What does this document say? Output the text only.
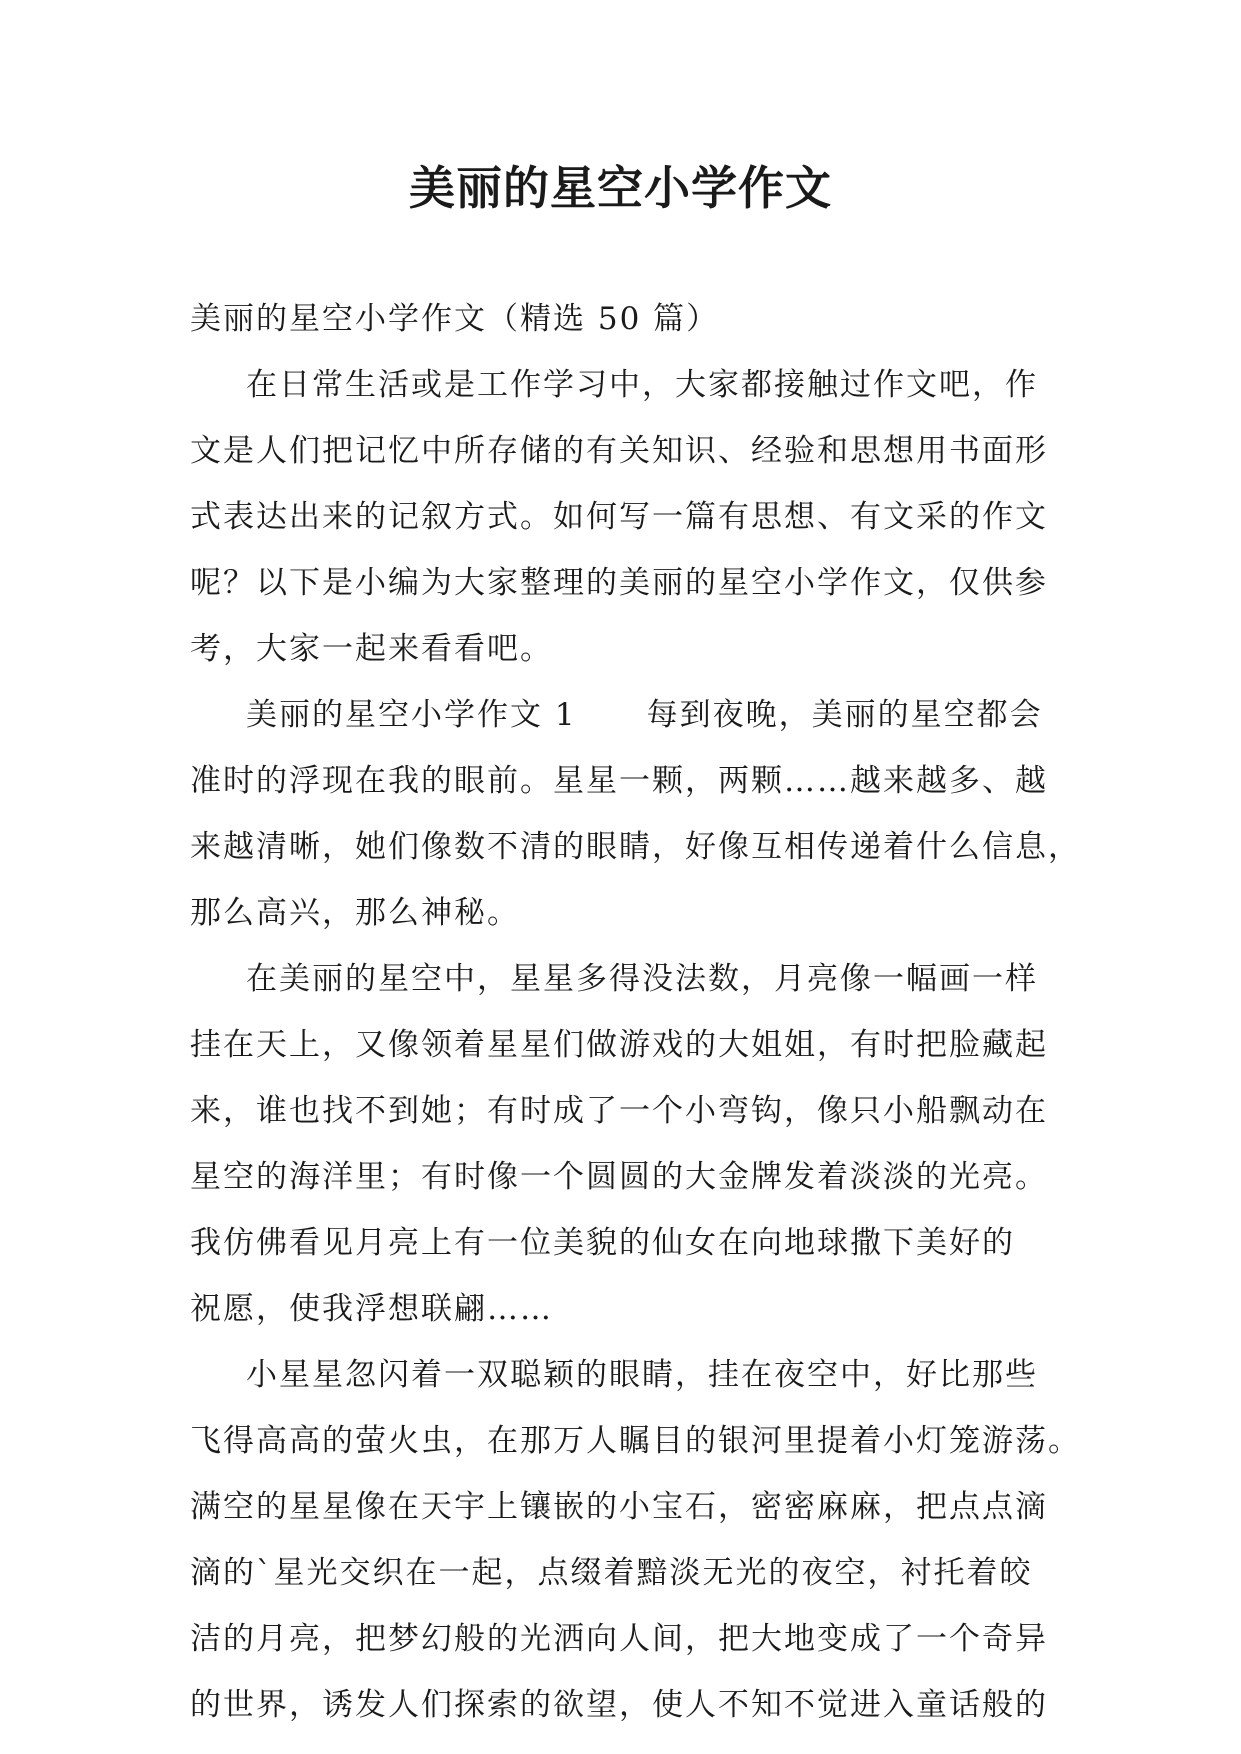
美丽的星空小学作文
美丽的星空小学作文（精选 50 篇）
在日常生活或是工作学习中，大家都接触过作文吧，作
文是人们把记忆中所存储的有关知识、经验和思想用书面形
式表达出来的记叙方式。如何写一篇有思想、有文采的作文
呢？以下是小编为大家整理的美丽的星空小学作文，仅供参
考，大家一起来看看吧。
美丽的星空小学作文 1 每到夜晚，美丽的星空都会
准时的浮现在我的眼前。星星一颗，两颗……越来越多、越
来越清晰，她们像数不清的眼睛，好像互相传递着什么信息，
那么高兴，那么神秘。
在美丽的星空中，星星多得没法数，月亮像一幅画一样
挂在天上，又像领着星星们做游戏的大姐姐，有时把脸藏起
来，谁也找不到她；有时成了一个小弯钩，像只小船飘动在
星空的海洋里；有时像一个圆圆的大金牌发着淡淡的光亮。
我仿佛看见月亮上有一位美貌的仙女在向地球撒下美好的
祝愿，使我浮想联翩……
小星星忽闪着一双聪颖的眼睛，挂在夜空中，好比那些
飞得高高的萤火虫，在那万人瞩目的银河里提着小灯笼游荡。
满空的星星像在天宇上镶嵌的小宝石，密密麻麻，把点点滴
滴的`星光交织在一起，点缀着黯淡无光的夜空，衬托着皎
洁的月亮，把梦幻般的光洒向人间，把大地变成了一个奇异
的世界，诱发人们探索的欲望，使人不知不觉进入童话般的
